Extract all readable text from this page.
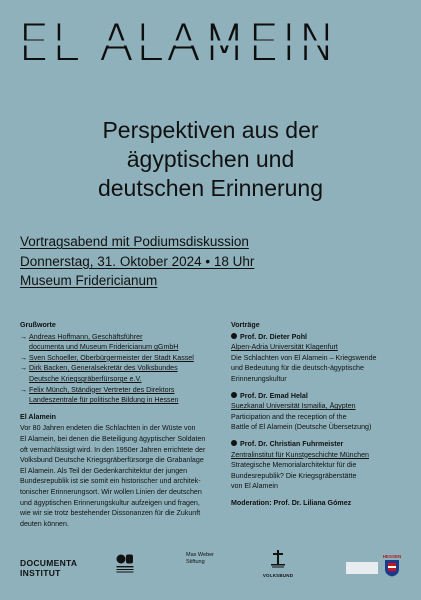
EL ALAMEIN
Perspektiven aus der
ägyptischen und
deutschen Erinnerung
Vortragsabend mit Podiumsdiskussion
Donnerstag, 31. Oktober 2024 • 18 Uhr
Museum Fridericianum
Grußworte
→ Andreas Hoffmann, Geschäftsführer
documenta und Museum Fridericianum gGmbH
→ Sven Schoeller, Oberbürgermeister der Stadt Kassel
→ Dirk Backen, Generalsekretär des Volksbundes
Deutsche Kriegsgräberfürsorge e.V.
→ Felix Münch, Ständiger Vertreter des Direktors
Landeszentrale für politische Bildung in Hessen
El Alamein
Vor 80 Jahren endeten die Schlachten in der Wüste von
El Alamein, bei denen die Beteiligung ägyptischer Soldaten
oft vernachlässigt wird. In den 1950er Jahren errichtete der
Volksbund Deutsche Kriegsgräberfürsorge die Grabanlage
El Alamein. Als Teil der Gedenkarchitektur der jungen
Bundesrepublik ist sie somit ein historischer und architek-
tonischer Erinnerungsort. Wir wollen Linien der deutschen
und ägyptischen Erinnerungskultur aufzeigen und fragen,
wie wir sie trotz bestehender Dissonanzen für die Zukunft
deuten können.
Vorträge
Prof. Dr. Dieter Pohl
Alpen-Adria Universität Klagenfurt
Die Schlachten von El Alamein – Kriegswende
und Bedeutung für die deutsch-ägyptische
Erinnerungskultur
Prof. Dr. Emad Helal
Suezkanal Universität Ismailia, Ägypten
Participation and the reception of the
Battle of El Alamein (Deutsche Übersetzung)
Prof. Dr. Christian Fuhrmeister
Zentralinstitut für Kunstgeschichte München
Strategische Memorialarchitektur für die
Bundesrepublik? Die Kriegsgräberstätte
von El Alamein
Moderation: Prof. Dr. Liliana Gómez
DOCUMENTA
INSTITUT
Max Weber
Stiftung
VOLKSBUND
HESSEN
